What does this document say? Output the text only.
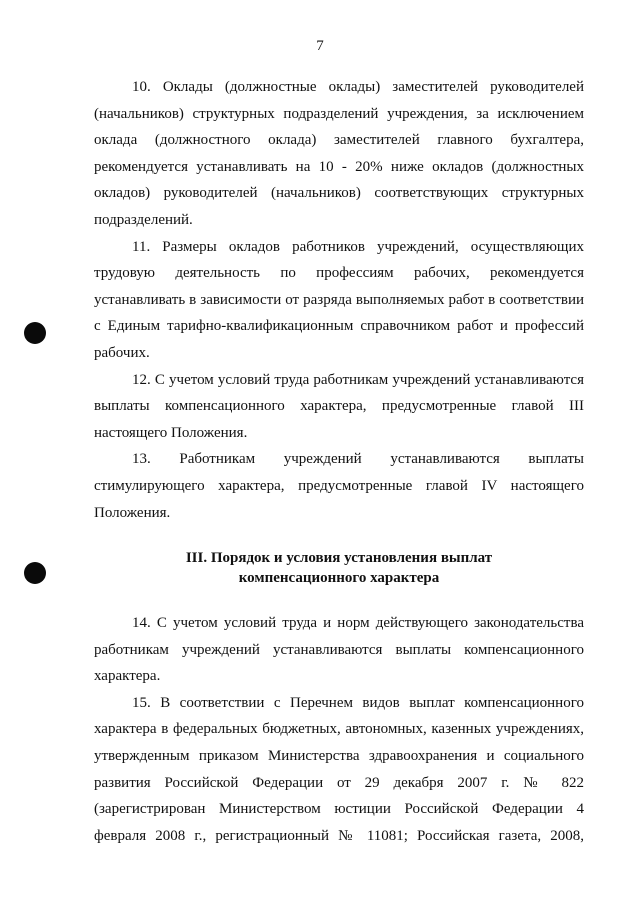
7

10. Оклады (должностные оклады) заместителей руководителей (начальников) структурных подразделений учреждения, за исключением оклада (должностного оклада) заместителей главного бухгалтера, рекомендуется устанавливать на 10 - 20% ниже окладов (должностных окладов) руководителей (начальников) соответствующих структурных подразделений.

11. Размеры окладов работников учреждений, осуществляющих трудовую деятельность по профессиям рабочих, рекомендуется устанавливать в зависимости от разряда выполняемых работ в соответствии с Единым тарифно-квалификационным справочником работ и профессий рабочих.

12. С учетом условий труда работникам учреждений устанавливаются выплаты компенсационного характера, предусмотренные главой III настоящего Положения.

13. Работникам учреждений устанавливаются выплаты стимулирующего характера, предусмотренные главой IV настоящего Положения.

III. Порядок и условия установления выплат
компенсационного характера

14. С учетом условий труда и норм действующего законодательства работникам учреждений устанавливаются выплаты компенсационного характера.

15. В соответствии с Перечнем видов выплат компенсационного характера в федеральных бюджетных, автономных, казенных учреждениях, утвержденным приказом Министерства здравоохранения и социального развития Российской Федерации от 29 декабря 2007 г. № 822 (зарегистрирован Министерством юстиции Российской Федерации 4 февраля 2008 г., регистрационный № 11081; Российская газета, 2008,
